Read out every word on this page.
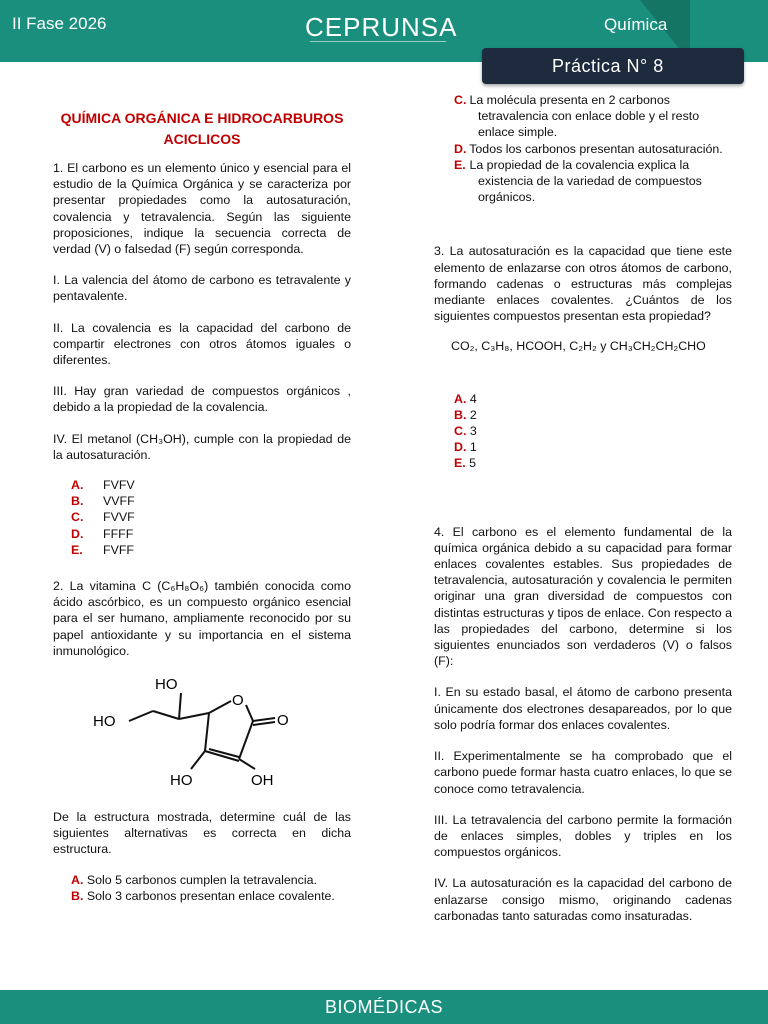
II Fase 2026	CEPRUNSA	Química
Práctica N° 8
QUÍMICA ORGÁNICA E HIDROCARBUROS ACICLICOS

1. El carbono es un elemento único y esencial para el estudio de la Química Orgánica y se caracteriza por presentar propiedades como la autosaturación, covalencia y tetravalencia. Según las siguiente proposiciones, indique la secuencia correcta de verdad (V) o falsedad (F) según corresponda.

I. La valencia del átomo de carbono es tetravalente y pentavalente.

II. La covalencia es la capacidad del carbono de compartir electrones con otros átomos iguales o diferentes.

III. Hay gran variedad de compuestos orgánicos , debido a la propiedad de la covalencia.

IV. El metanol (CH₃OH), cumple con la propiedad de la autosaturación.

A. FVFV
B. VVFF
C. FVVF
D. FFFF
E. FVFF

2. La vitamina C (C₆H₈O₆) también conocida como ácido ascórbico, es un compuesto orgánico esencial para el ser humano, ampliamente reconocido por su papel antioxidante y su importancia en el sistema inmunológico.

HO
HO
HO	OH
O
O

De la estructura mostrada, determine cuál de las siguientes alternativas es correcta en dicha estructura.

A. Solo 5 carbonos cumplen la tetravalencia.
B. Solo 3 carbonos presentan enlace covalente.
C. La molécula presenta en 2 carbonos tetravalencia con enlace doble y el resto enlace simple.
D. Todos los carbonos presentan autosaturación.
E. La propiedad de la covalencia explica la existencia de la variedad de compuestos orgánicos.

3. La autosaturación es la capacidad que tiene este elemento de enlazarse con otros átomos de carbono, formando cadenas o estructuras más complejas mediante enlaces covalentes. ¿Cuántos de los siguientes compuestos presentan esta propiedad?

CO₂, C₃H₈, HCOOH, C₂H₂ y CH₃CH₂CH₂CHO

A. 4
B. 2
C. 3
D. 1
E. 5

4. El carbono es el elemento fundamental de la química orgánica debido a su capacidad para formar enlaces covalentes estables. Sus propiedades de tetravalencia, autosaturación y covalencia le permiten originar una gran diversidad de compuestos con distintas estructuras y tipos de enlace. Con respecto a las propiedades del carbono, determine si los siguientes enunciados son verdaderos (V) o falsos (F):

I. En su estado basal, el átomo de carbono presenta únicamente dos electrones desapareados, por lo que solo podría formar dos enlaces covalentes.

II. Experimentalmente se ha comprobado que el carbono puede formar hasta cuatro enlaces, lo que se conoce como tetravalencia.

III. La tetravalencia del carbono permite la formación de enlaces simples, dobles y triples en los compuestos orgánicos.

IV. La autosaturación es la capacidad del carbono de enlazarse consigo mismo, originando cadenas carbonadas tanto saturadas como insaturadas.

BIOMÉDICAS
